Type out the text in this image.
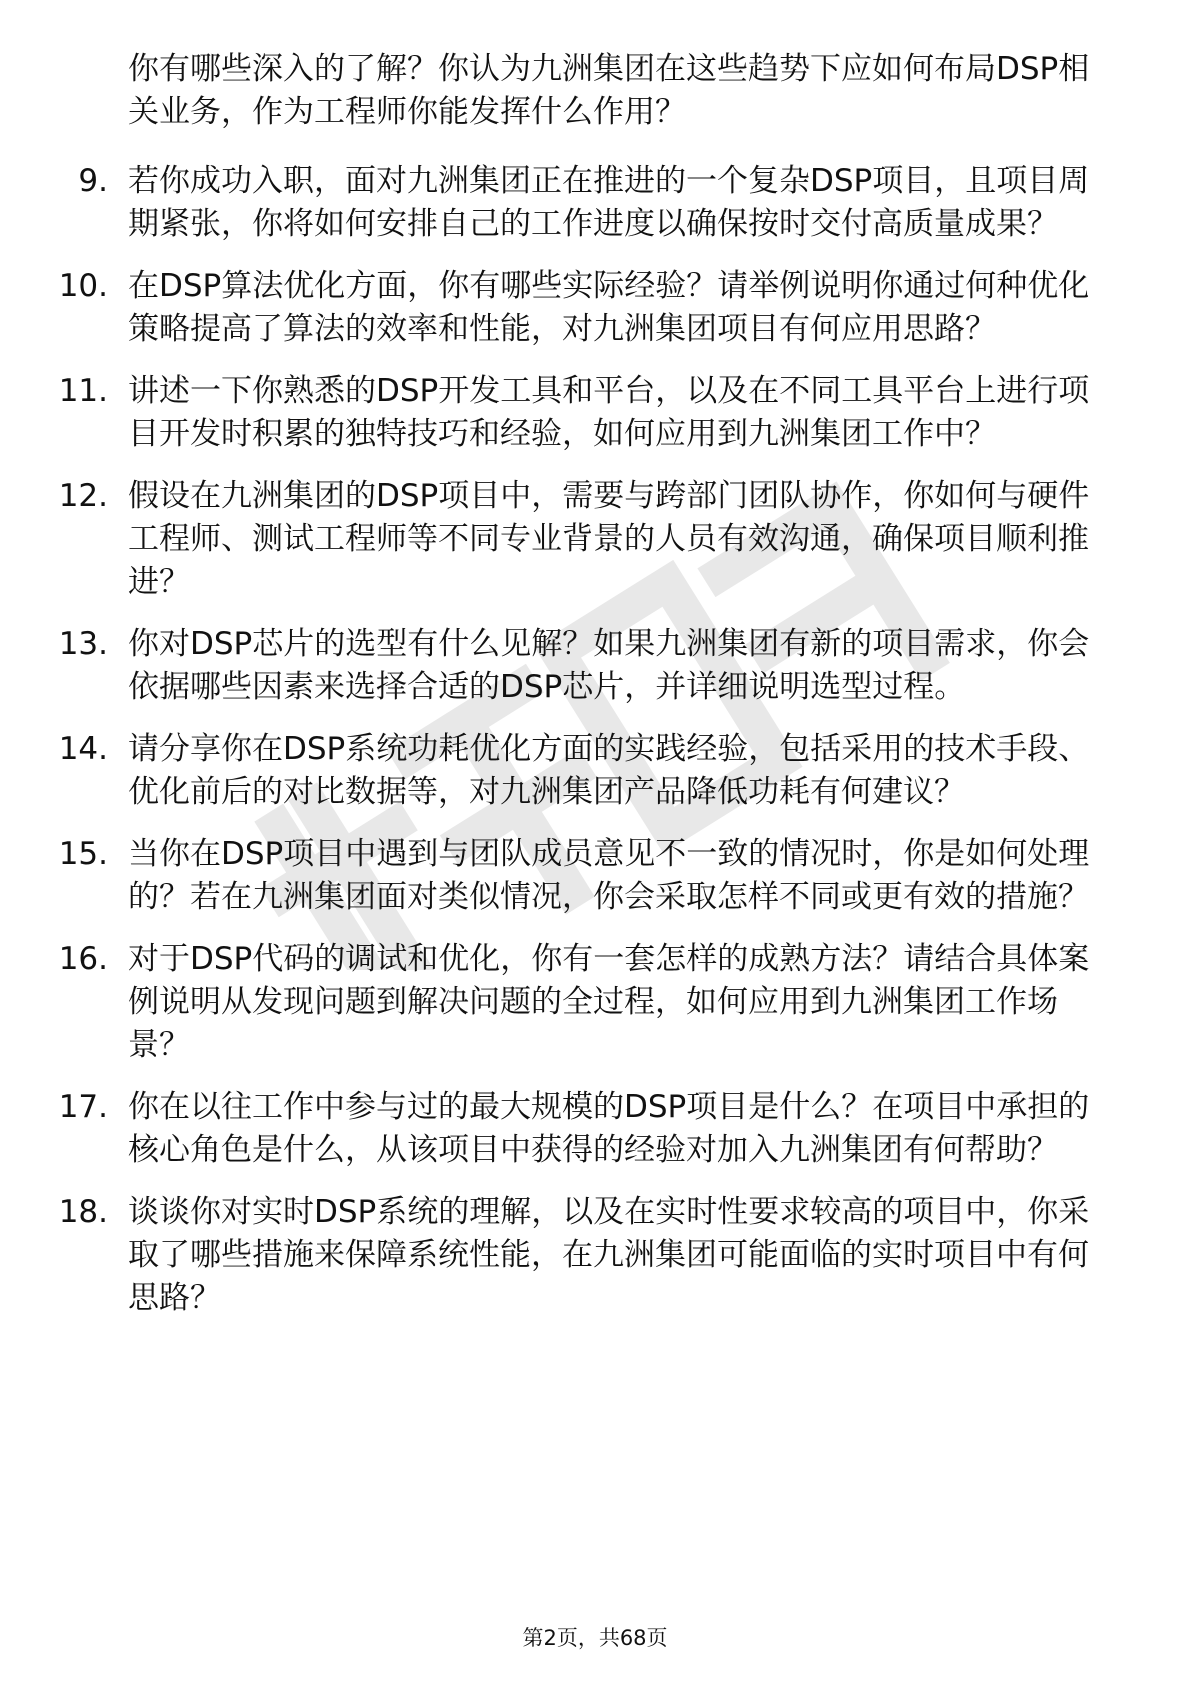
你有哪些深入的了解？你认为九洲集团在这些趋势下应如何布局DSP相关业务，作为工程师你能发挥什么作用？

9. 若你成功入职，面对九洲集团正在推进的一个复杂DSP项目，且项目周期紧张，你将如何安排自己的工作进度以确保按时交付高质量成果？
10. 在DSP算法优化方面，你有哪些实际经验？请举例说明你通过何种优化策略提高了算法的效率和性能，对九洲集团项目有何应用思路？
11. 讲述一下你熟悉的DSP开发工具和平台，以及在不同工具平台上进行项目开发时积累的独特技巧和经验，如何应用到九洲集团工作中？
12. 假设在九洲集团的DSP项目中，需要与跨部门团队协作，你如何与硬件工程师、测试工程师等不同专业背景的人员有效沟通，确保项目顺利推进？
13. 你对DSP芯片的选型有什么见解？如果九洲集团有新的项目需求，你会依据哪些因素来选择合适的DSP芯片，并详细说明选型过程。
14. 请分享你在DSP系统功耗优化方面的实践经验，包括采用的技术手段、优化前后的对比数据等，对九洲集团产品降低功耗有何建议？
15. 当你在DSP项目中遇到与团队成员意见不一致的情况时，你是如何处理的？若在九洲集团面对类似情况，你会采取怎样不同或更有效的措施？
16. 对于DSP代码的调试和优化，你有一套怎样的成熟方法？请结合具体案例说明从发现问题到解决问题的全过程，如何应用到九洲集团工作场景？
17. 你在以往工作中参与过的最大规模的DSP项目是什么？在项目中承担的核心角色是什么，从该项目中获得的经验对加入九洲集团有何帮助？
18. 谈谈你对实时DSP系统的理解，以及在实时性要求较高的项目中，你采取了哪些措施来保障系统性能，在九洲集团可能面临的实时项目中有何思路？
第2页，共68页
